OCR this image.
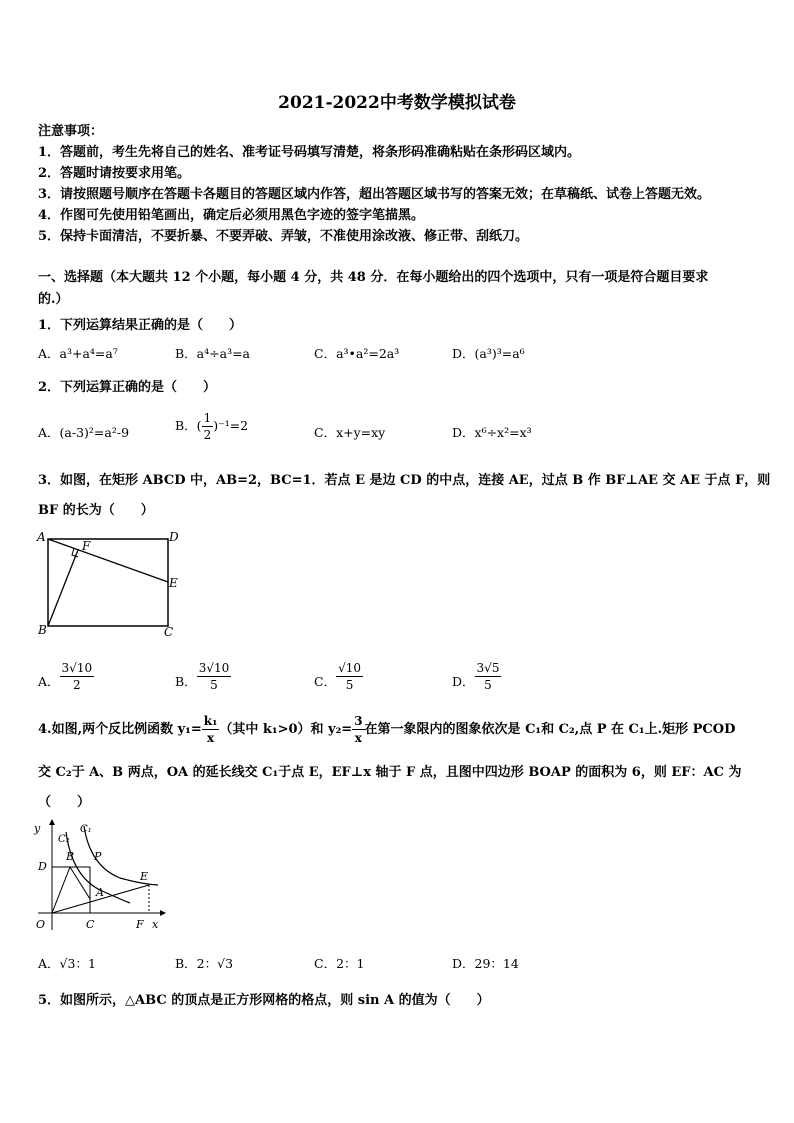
2021-2022中考数学模拟试卷
注意事项：
1．答题前，考生先将自己的姓名、准考证号码填写清楚，将条形码准确粘贴在条形码区域内。
2．答题时请按要求用笔。
3．请按照题号顺序在答题卡各题目的答题区域内作答，超出答题区域书写的答案无效；在草稿纸、试卷上答题无效。
4．作图可先使用铅笔画出，确定后必须用黑色字迹的签字笔描黑。
5．保持卡面清洁，不要折暴、不要弄破、弄皱，不准使用涂改液、修正带、刮纸刀。
一、选择题（本大题共 12 个小题，每小题 4 分，共 48 分．在每小题给出的四个选项中，只有一项是符合题目要求
的.）
1．下列运算结果正确的是（　　）
A．a³+a⁴=a⁷	B．a⁴÷a³=a	C．a³•a²=2a³	D．(a³)³=a⁶
2．下列运算正确的是（　　）
A．(a-3)²=a²-9	B．( $\frac{1}{2} )^{-1}=2$	C．x+y=xy	D．x⁶÷x²=x³
3．如图，在矩形 ABCD 中，AB=2，BC=1．若点 E 是边 CD 的中点，连接 AE，过点 B 作 BF⊥AE 交 AE 于点 F，则
BF 的长为（　　）
A
F
D
E
B	C
A． $\frac{3√10}{2}$	B． $\frac{3√10}{5}$	C． $\frac{√10}{5}$	D． $\frac{3√5}{5}$
4.如图,两个反比例函数 $y_1= \frac{\text{k₁}}{x}$ （其中 k₁>0）和 $y_2= \frac{3}{x}$ 在第一象限内的图象依次是 C₁和 C₂,点 P 在 C₁上.矩形 PCOD
交 C₂于 A、B 两点，OA 的延长线交 C₁于点 E，EF⊥x 轴于 F 点，且图中四边形 BOAP 的面积为 6，则 EF：AC 为
（　　）
y
C₂
C₁
D
B P
E
A
O	C	F x
A．√3：1	B．2：√3	C．2：1	D．29：14
5．如图所示，△ABC 的顶点是正方形网格的格点，则 sin A 的值为（　　）
